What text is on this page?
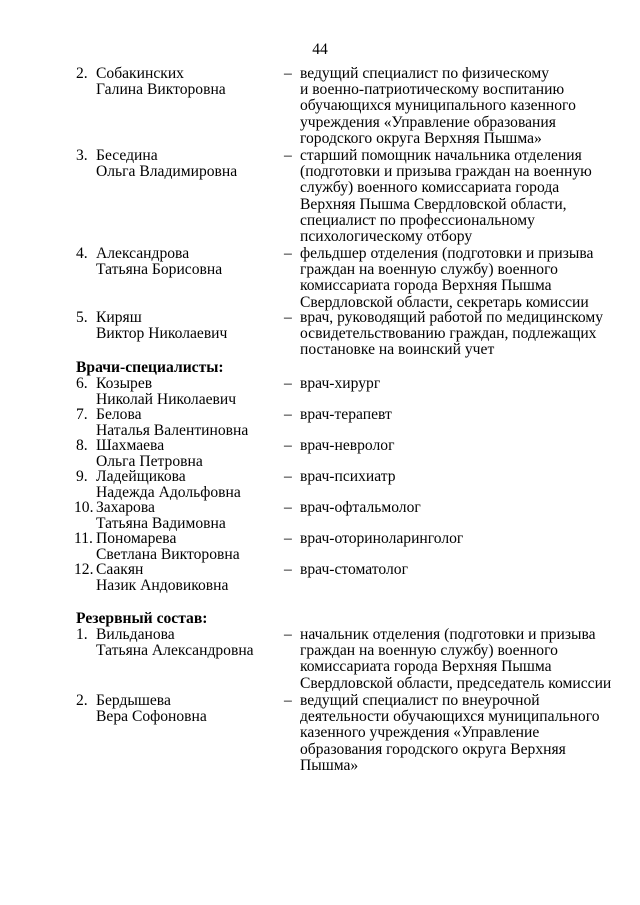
44
2. Собакинских
Галина Викторовна
– ведущий специалист по физическому
и военно-патриотическому воспитанию
обучающихся муниципального казенного
учреждения «Управление образования
городского округа Верхняя Пышма»
3. Беседина
Ольга Владимировна
– старший помощник начальника отделения
(подготовки и призыва граждан на военную
службу) военного комиссариата города
Верхняя Пышма Свердловской области,
специалист по профессиональному
психологическому отбору
4. Александрова
Татьяна Борисовна
– фельдшер отделения (подготовки и призыва
граждан на военную службу) военного
комиссариата города Верхняя Пышма
Свердловской области, секретарь комиссии
5. Киряш
Виктор Николаевич
– врач, руководящий работой по медицинскому
освидетельствованию граждан, подлежащих
постановке на воинский учет
Врачи-специалисты:
6. Козырев
Николай Николаевич
– врач-хирург
7. Белова
Наталья Валентиновна
– врач-терапевт
8. Шахмаева
Ольга Петровна
– врач-невролог
9. Ладейщикова
Надежда Адольфовна
– врач-психиатр
10. Захарова
Татьяна Вадимовна
– врач-офтальмолог
11. Пономарева
Светлана Викторовна
– врач-оториноларинголог
12. Саакян
Назик Андовиковна
– врач-стоматолог
Резервный состав:
1. Вильданова
Татьяна Александровна
– начальник отделения (подготовки и призыва
граждан на военную службу) военного
комиссариата города Верхняя Пышма
Свердловской области, председатель комиссии
2. Бердышева
Вера Софоновна
– ведущий специалист по внеурочной
деятельности обучающихся муниципального
казенного учреждения «Управление
образования городского округа Верхняя
Пышма»
